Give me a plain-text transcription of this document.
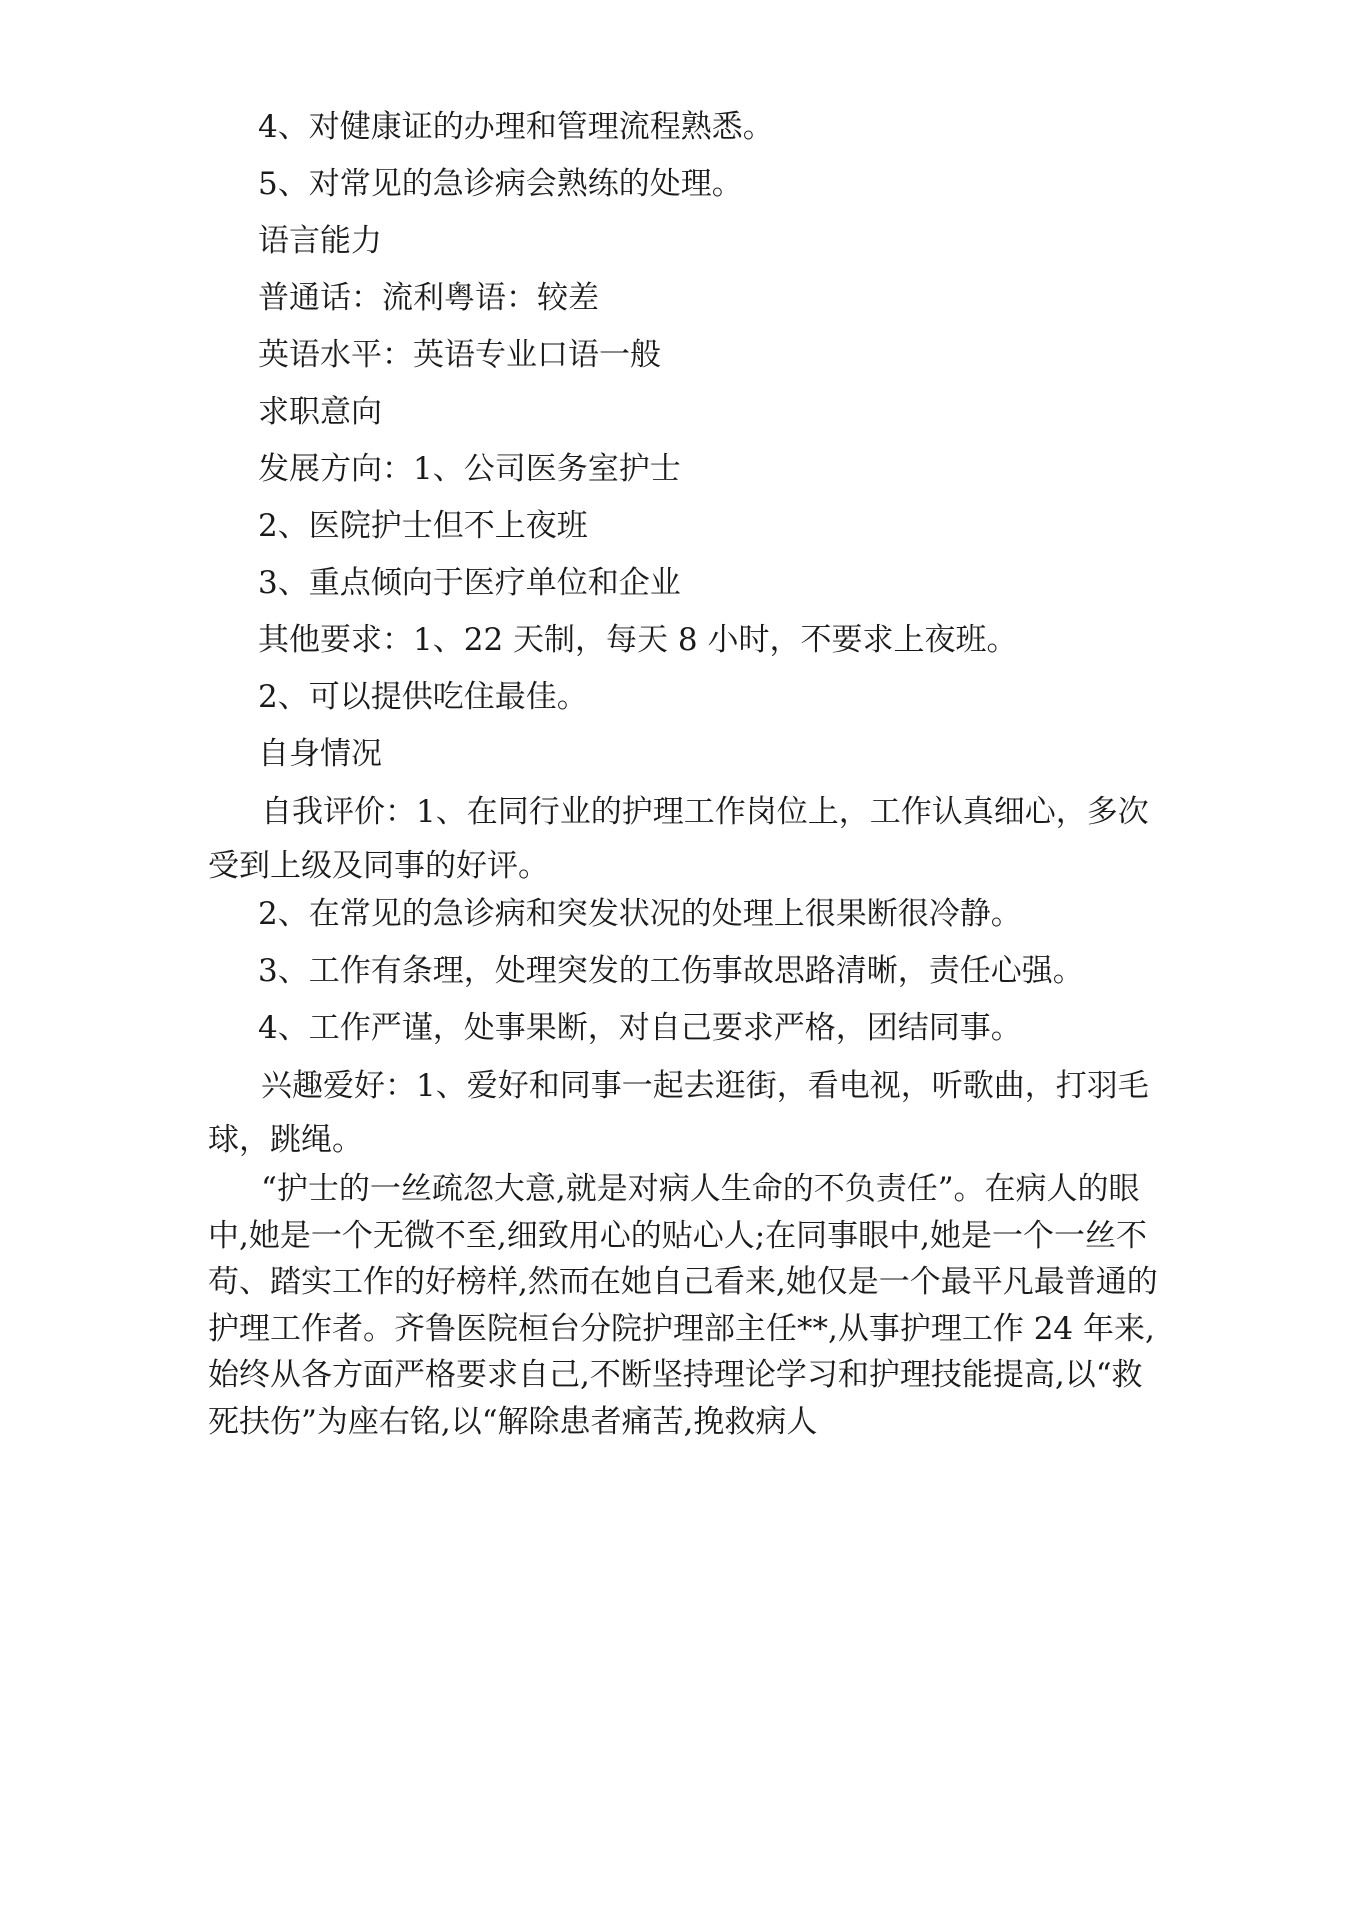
4、对健康证的办理和管理流程熟悉。

5、对常见的急诊病会熟练的处理。

语言能力

普通话：流利粤语：较差

英语水平：英语专业口语一般

求职意向

发展方向：1、公司医务室护士

2、医院护士但不上夜班

3、重点倾向于医疗单位和企业

其他要求：1、22 天制，每天 8 小时，不要求上夜班。

2、可以提供吃住最佳。

自身情况

自我评价：1、在同行业的护理工作岗位上，工作认真细心，多次受到上级及同事的好评。

2、在常见的急诊病和突发状况的处理上很果断很冷静。

3、工作有条理，处理突发的工伤事故思路清晰，责任心强。

4、工作严谨，处事果断，对自己要求严格，团结同事。

兴趣爱好：1、爱好和同事一起去逛街，看电视，听歌曲，打羽毛球，跳绳。

“护士的一丝疏忽大意,就是对病人生命的不负责任”。在病人的眼中,她是一个无微不至,细致用心的贴心人;在同事眼中,她是一个一丝不苟、踏实工作的好榜样,然而在她自己看来,她仅是一个最平凡最普通的护理工作者。齐鲁医院桓台分院护理部主任**,从事护理工作 24 年来,始终从各方面严格要求自己,不断坚持理论学习和护理技能提高,以“救死扶伤”为座右铭,以“解除患者痛苦,挽救病人
